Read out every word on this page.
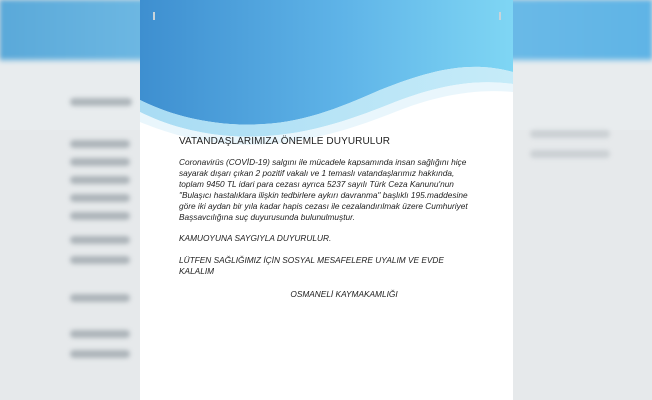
VATANDAŞLARIMIZA ÖNEMLE DUYURULUR

Coronavirüs (COVİD-19) salgını ile mücadele kapsamında insan sağlığını hiçe sayarak dışarı çıkan 2 pozitif vakalı ve 1 temaslı vatandaşlarımız hakkında, toplam 9450 TL idari para cezası ayrıca 5237 sayılı Türk Ceza Kanunu'nun "Bulaşıcı hastalıklara ilişkin tedbirlere aykırı davranma" başlıklı 195.maddesine göre iki aydan bir yıla kadar hapis cezası ile cezalandırılmak üzere Cumhuriyet Başsavcılığına suç duyurusunda bulunulmuştur.

KAMUOYUNA SAYGIYLA DUYURULUR.

LÜTFEN SAĞLIĞIMIZ İÇİN SOSYAL MESAFELERE UYALIM VE EVDE KALALIM

OSMANELİ KAYMAKAMLIĞI
